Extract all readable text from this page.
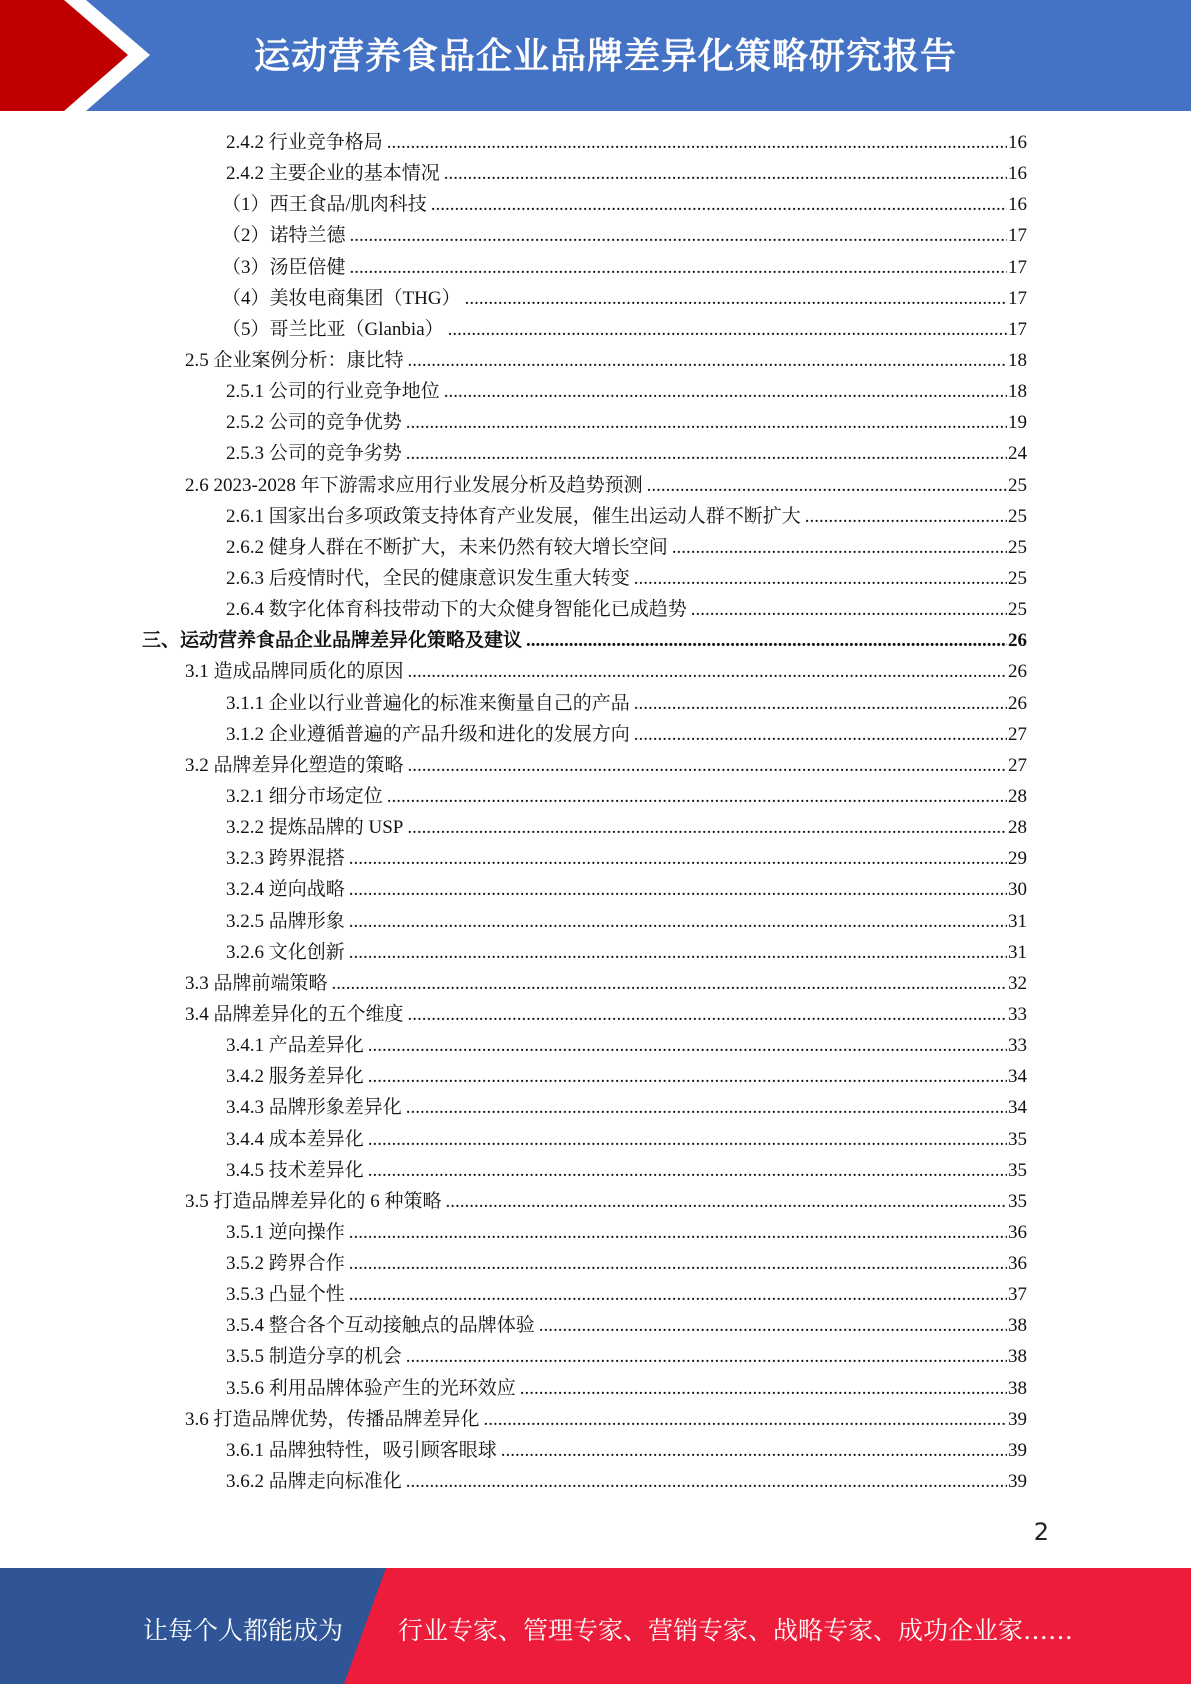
运动营养食品企业品牌差异化策略研究报告
2.4.2 行业竞争格局 .....	16
2.4.2 主要企业的基本情况 .....	16
（1）西王食品/肌肉科技 .....	16
（2）诺特兰德 .....	17
（3）汤臣倍健 .....	17
（4）美妆电商集团（THG） .....	17
（5）哥兰比亚（Glanbia） .....	17
2.5 企业案例分析：康比特 .....	18
2.5.1 公司的行业竞争地位 .....	18
2.5.2 公司的竞争优势 .....	19
2.5.3 公司的竞争劣势 .....	24
2.6 2023-2028 年下游需求应用行业发展分析及趋势预测 .....	25
2.6.1 国家出台多项政策支持体育产业发展，催生出运动人群不断扩大 .....	25
2.6.2 健身人群在不断扩大，未来仍然有较大增长空间 .....	25
2.6.3 后疫情时代，全民的健康意识发生重大转变 .....	25
2.6.4 数字化体育科技带动下的大众健身智能化已成趋势 .....	25
三、运动营养食品企业品牌差异化策略及建议 .....	26
3.1 造成品牌同质化的原因 .....	26
3.1.1 企业以行业普遍化的标准来衡量自己的产品 .....	26
3.1.2 企业遵循普遍的产品升级和进化的发展方向 .....	27
3.2 品牌差异化塑造的策略 .....	27
3.2.1 细分市场定位 .....	28
3.2.2 提炼品牌的 USP .....	28
3.2.3 跨界混搭 .....	29
3.2.4 逆向战略 .....	30
3.2.5 品牌形象 .....	31
3.2.6 文化创新 .....	31
3.3 品牌前端策略 .....	32
3.4 品牌差异化的五个维度 .....	33
3.4.1 产品差异化 .....	33
3.4.2 服务差异化 .....	34
3.4.3 品牌形象差异化 .....	34
3.4.4 成本差异化 .....	35
3.4.5 技术差异化 .....	35
3.5 打造品牌差异化的 6 种策略 .....	35
3.5.1 逆向操作 .....	36
3.5.2 跨界合作 .....	36
3.5.3 凸显个性 .....	37
3.5.4 整合各个互动接触点的品牌体验 .....	38
3.5.5 制造分享的机会 .....	38
3.5.6 利用品牌体验产生的光环效应 .....	38
3.6 打造品牌优势，传播品牌差异化 .....	39
3.6.1 品牌独特性，吸引顾客眼球 .....	39
3.6.2 品牌走向标准化 .....	39
2
让每个人都能成为 行业专家、管理专家、营销专家、战略专家、成功企业家……
